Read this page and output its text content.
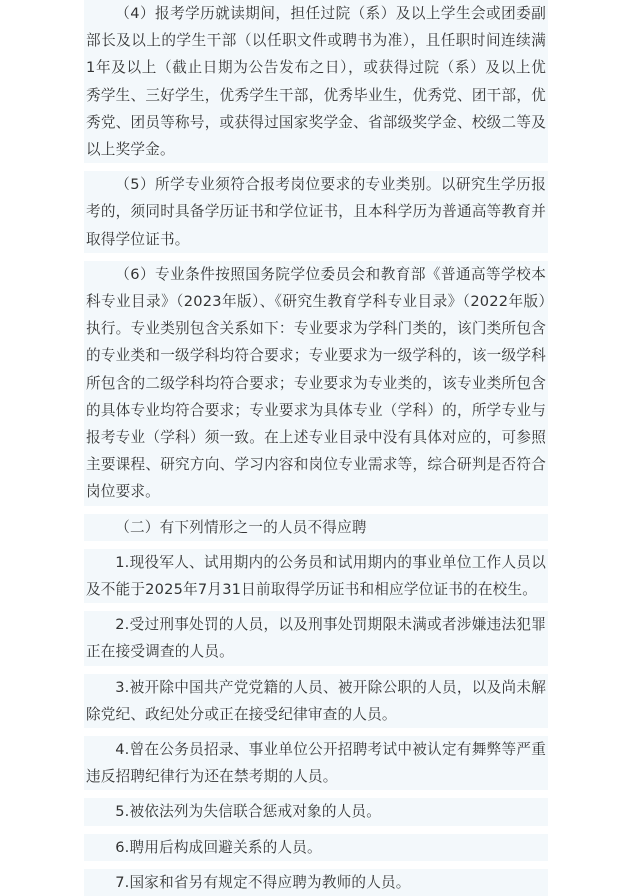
（4）报考学历就读期间，担任过院（系）及以上学生会或团委副部长及以上的学生干部（以任职文件或聘书为准），且任职时间连续满1年及以上（截止日期为公告发布之日），或获得过院（系）及以上优秀学生、三好学生，优秀学生干部，优秀毕业生，优秀党、团干部，优秀党、团员等称号，或获得过国家奖学金、省部级奖学金、校级二等及以上奖学金。

（5）所学专业须符合报考岗位要求的专业类别。以研究生学历报考的，须同时具备学历证书和学位证书，且本科学历为普通高等教育并取得学位证书。

（6）专业条件按照国务院学位委员会和教育部《普通高等学校本科专业目录》（2023年版）、《研究生教育学科专业目录》（2022年版）执行。专业类别包含关系如下：专业要求为学科门类的，该门类所包含的专业类和一级学科均符合要求；专业要求为一级学科的，该一级学科所包含的二级学科均符合要求；专业要求为专业类的，该专业类所包含的具体专业均符合要求；专业要求为具体专业（学科）的，所学专业与报考专业（学科）须一致。在上述专业目录中没有具体对应的，可参照主要课程、研究方向、学习内容和岗位专业需求等，综合研判是否符合岗位要求。

（二）有下列情形之一的人员不得应聘

1.现役军人、试用期内的公务员和试用期内的事业单位工作人员以及不能于2025年7月31日前取得学历证书和相应学位证书的在校生。

2.受过刑事处罚的人员，以及刑事处罚期限未满或者涉嫌违法犯罪正在接受调查的人员。

3.被开除中国共产党党籍的人员、被开除公职的人员，以及尚未解除党纪、政纪处分或正在接受纪律审查的人员。

4.曾在公务员招录、事业单位公开招聘考试中被认定有舞弊等严重违反招聘纪律行为还在禁考期的人员。

5.被依法列为失信联合惩戒对象的人员。

6.聘用后构成回避关系的人员。

7.国家和省另有规定不得应聘为教师的人员。
